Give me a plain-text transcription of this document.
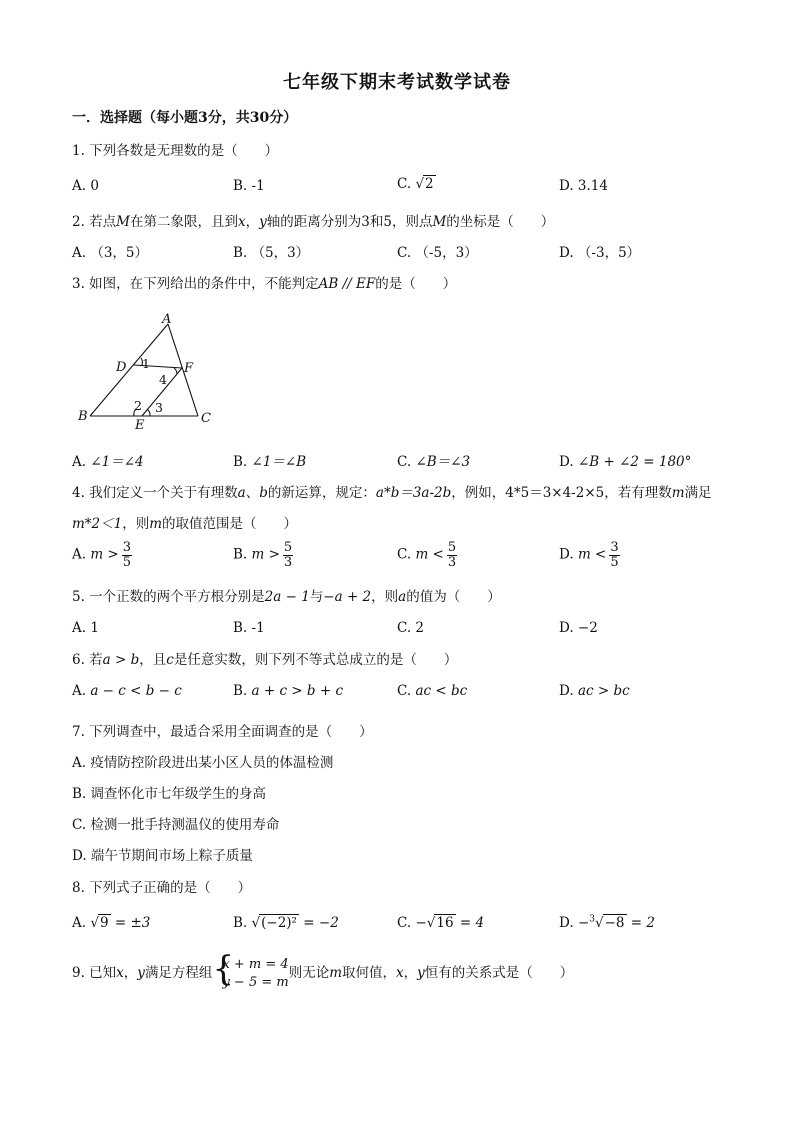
七年级下期末考试数学试卷
一．选择题（每小题3分，共30分）
1. 下列各数是无理数的是（　　）
A. 0	B. -1	C. √2	D. 3.14
2. 若点M在第二象限，且到x，y轴的距离分别为3和5，则点M的坐标是（　　）
A. （3，5）	B. （5，3）	C. （-5，3）	D. （-3，5）
3. 如图，在下列给出的条件中，不能判定AB // EF的是（　　）
A
B	C
D
E
F
1
4
2 3
A. ∠1＝∠4	B. ∠1＝∠B	C. ∠B＝∠3	D. ∠B + ∠2 = 180°
4. 我们定义一个关于有理数a、b的新运算，规定：a*b＝3a-2b，例如，4*5＝3×4-2×5，若有理数m满足
m*2＜1，则m的取值范围是（　　）
A. $m > \frac{3}{5}$	B. $m > \frac{5}{3}$	C. $m < \frac{5}{3}$	D. $m < \frac{3}{5}$
5. 一个正数的两个平方根分别是2a − 1与−a + 2，则a的值为（　　）
A. 1	B. -1	C. 2	D. −2
6. 若a > b，且c是任意实数，则下列不等式总成立的是（　　）
A. a − c < b − c	B. a + c > b + c	C. ac < bc	D. ac > bc
7. 下列调查中，最适合采用全面调查的是（　　）
A. 疫情防控阶段进出某小区人员的体温检测
B. 调查怀化市七年级学生的身高
C. 检测一批手持测温仪的使用寿命
D. 端午节期间市场上粽子质量
8. 下列式子正确的是（　　）
A. √9 = ±3	B. √(−2)² = −2	C. −√16 = 4	D. −$^3$√−8 = 2
9. 已知x，y满足方程组 {
x + m = 4
y − 5 = m
则无论m取何值，x，y恒有的关系式是（　　）
